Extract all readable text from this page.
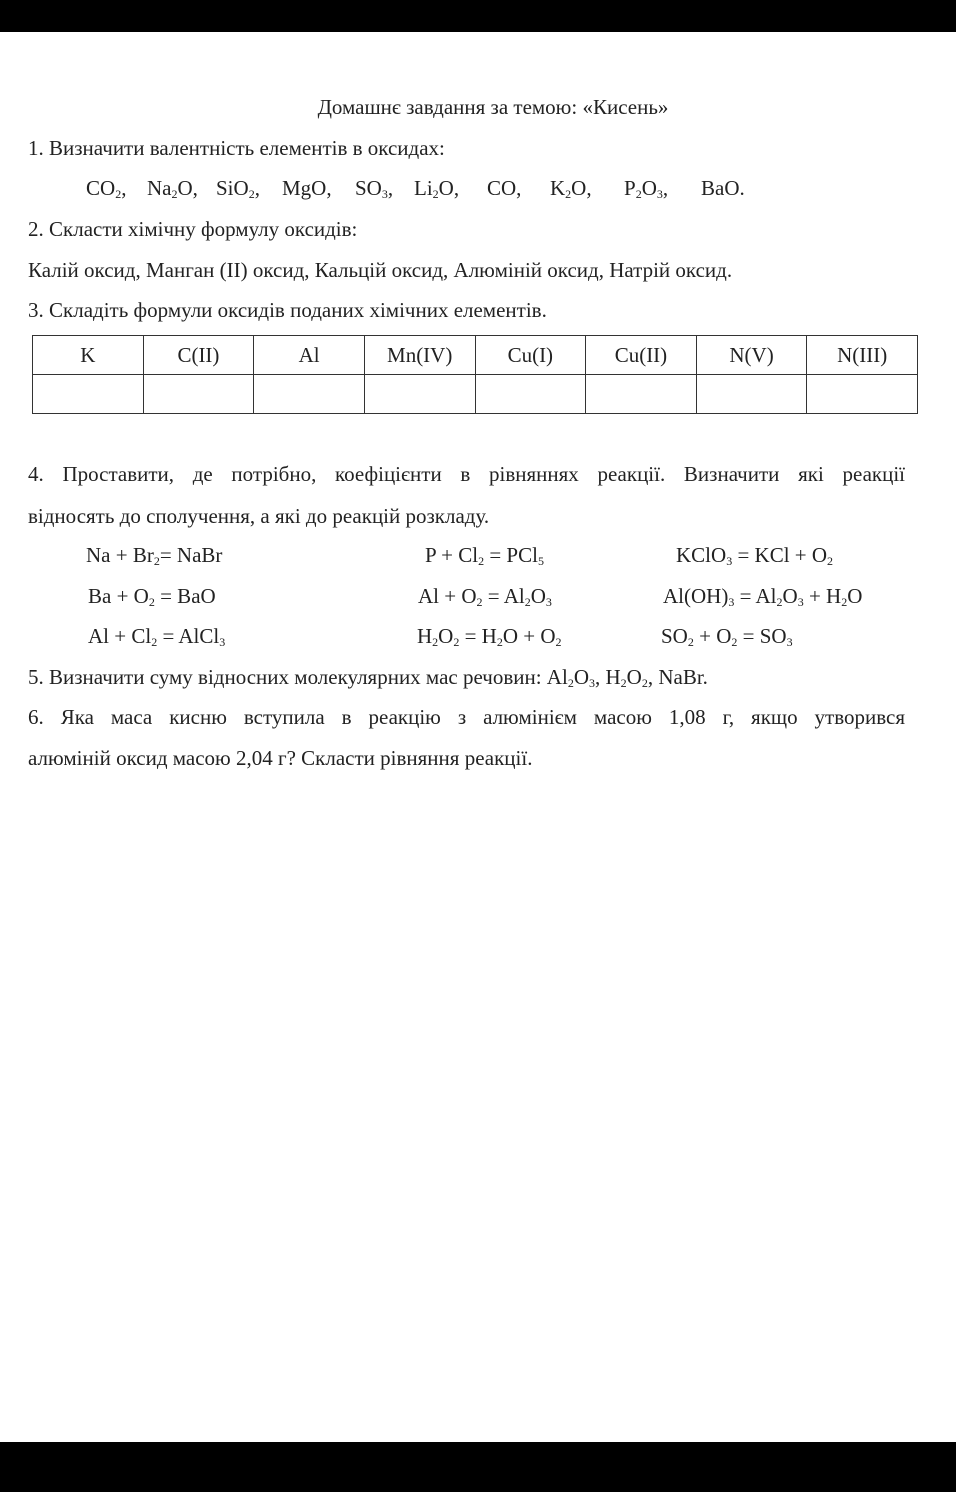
Домашнє завдання за темою: «Кисень»
1. Визначити валентність елементів в оксидах:
$CO_2$, $Na_2O$, SiO$_2$, MgO, $SO_3$, $Li_2O$, CO, $K_2O$, $P_2O_3$, BaO.
2. Скласти хімічну формулу оксидів:
Калій оксид, Манган (II) оксид, Кальцій оксид, Алюміній оксид, Натрій оксид.
3. Складіть формули оксидів поданих хімічних елементів.
K	C(II)	Al	Mn(IV)	Cu(I)	Cu(II)	N(V)	N(III)

4. Проставити, де потрібно, коефіцієнти в рівняннях реакції. Визначити які реакції
відносять до сполучення, а які до реакцій розкладу.
$Na + Br_2=$ NaBr	$P + Cl_2 = PCl_5$	KClO$_3$ = KCl + $O_2$
$Ba + O_2$ = BaO	$Al + O_2 = Al_2O_3$	$Al(OH)_3 = Al_2O_3 + H_2O$
$Al + Cl_2$ = AlCl$_3$	$H_2O_2 = H_2O + O_2$	$SO_2 + O_2 = SO_3$
5. Визначити суму відносних молекулярних мас речовин: $Al_2O_3$, $H_2O_2$, NaBr.
6. Яка маса кисню вступила в реакцію з алюмінієм масою 1,08 г, якщо утворився
алюміній оксид масою 2,04 г? Скласти рівняння реакції.
